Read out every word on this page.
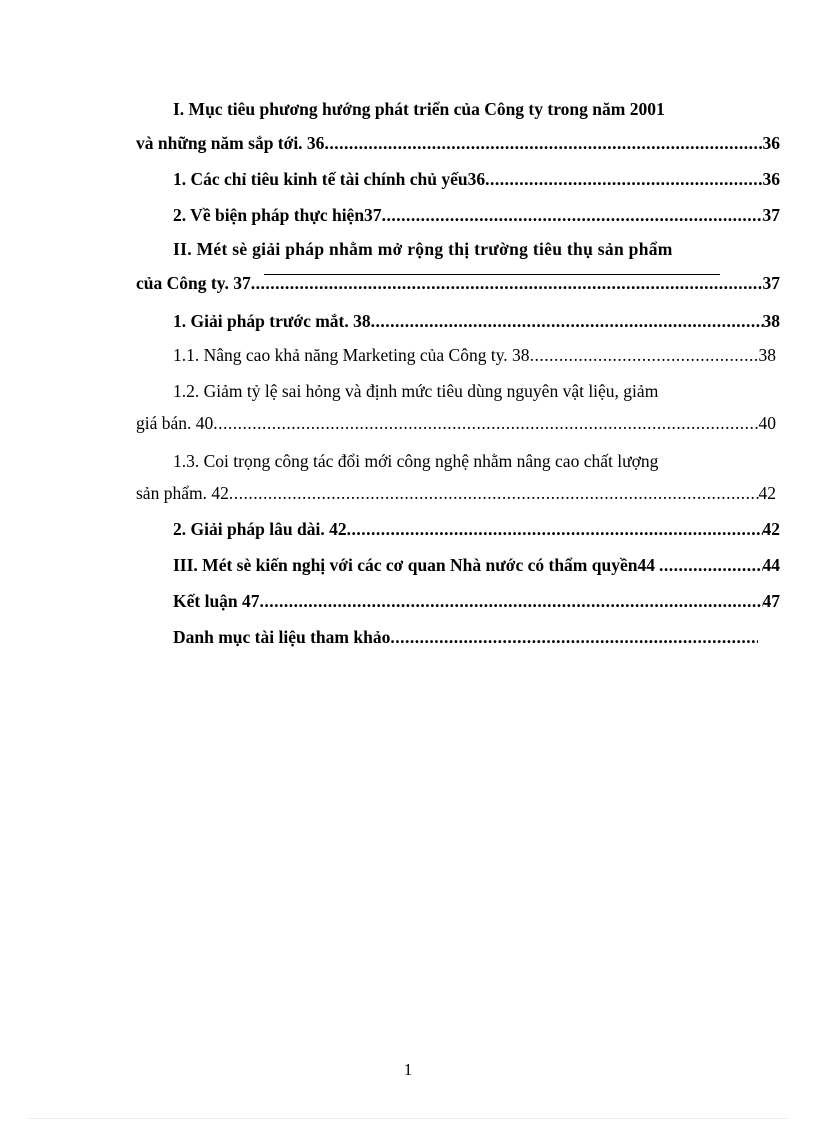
I. Mục tiêu phương hướng phát triển của Công ty trong năm 2001
và những năm sắp tới. 36 .....	36
1. Các chỉ tiêu kinh tế tài chính chủ yếu36 .....	36
2. Về biện pháp thực hiện37 .....	37
II. Mét sè giải pháp nhằm mở rộng thị trường tiêu thụ sản phẩm
của Công ty. 37 .....	37
1. Giải pháp trước mắt. 38 .....	38
1.1. Nâng cao khả năng Marketing của Công ty. 38 .....	38
1.2. Giảm tỷ lệ sai hỏng và định mức tiêu dùng nguyên vật liệu, giảm
giá bán. 40 .....	40
1.3. Coi trọng công tác đổi mới công nghệ nhằm nâng cao chất lượng
sản phẩm. 42 .....	42
2. Giải pháp lâu dài. 42 .....	42
III. Mét sè kiến nghị với các cơ quan Nhà nước có thẩm quyền44 .....	44
Kết luận 47 .....	47
Danh mục tài liệu tham khảo
.....
1
